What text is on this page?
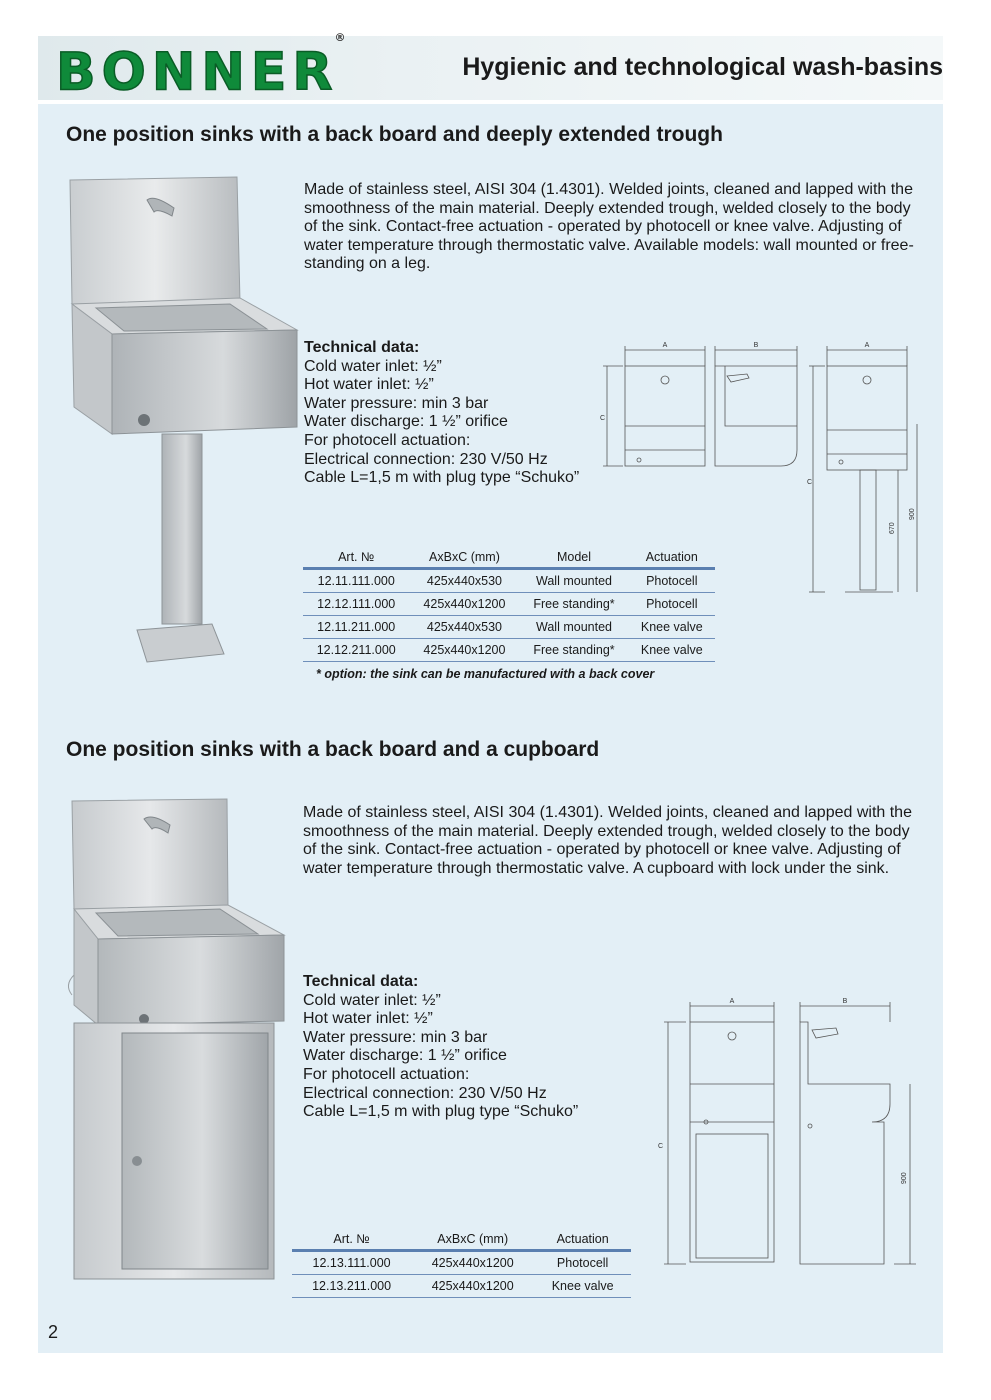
BONNER®
Hygienic and technological wash-basins
One position sinks with a back board and deeply extended trough

Made of stainless steel, AISI 304 (1.4301). Welded joints, cleaned and lapped with the smoothness of the main material. Deeply extended trough, welded closely to the body of the sink. Contact-free actuation - operated by photocell or knee valve. Adjusting of water temperature through thermostatic valve. Available models: wall mounted or free-standing on a leg.

Technical data:
Cold water inlet: ½”
Hot water inlet: ½”
Water pressure: min 3 bar
Water discharge: 1 ½” orifice
For photocell actuation:
Electrical connection: 230 V/50 Hz
Cable L=1,5 m with plug type “Schuko”
A	B	A
C
C
670
900
Art. №	AxBxC (mm)	Model	Actuation
12.11.111.000	425x440x530	Wall mounted	Photocell
12.12.111.000	425x440x1200	Free standing*	Photocell
12.11.211.000	425x440x530	Wall mounted	Knee valve
12.12.211.000	425x440x1200	Free standing*	Knee valve
* option: the sink can be manufactured with a back cover
One position sinks with a back board and a cupboard

Made of stainless steel, AISI 304 (1.4301). Welded joints, cleaned and lapped with the smoothness of the main material. Deeply extended trough, welded closely to the body of the sink. Contact-free actuation - operated by photocell or knee valve. Adjusting of water temperature through thermostatic valve. A cupboard with lock under the sink.

Technical data:
Cold water inlet: ½”
Hot water inlet: ½”
Water pressure: min 3 bar
Water discharge: 1 ½” orifice
For photocell actuation:
Electrical connection: 230 V/50 Hz
Cable L=1,5 m with plug type “Schuko”
A	B
C
900
Art. №	AxBxC (mm)	Actuation
12.13.111.000	425x440x1200	Photocell
12.13.211.000	425x440x1200	Knee valve
2
